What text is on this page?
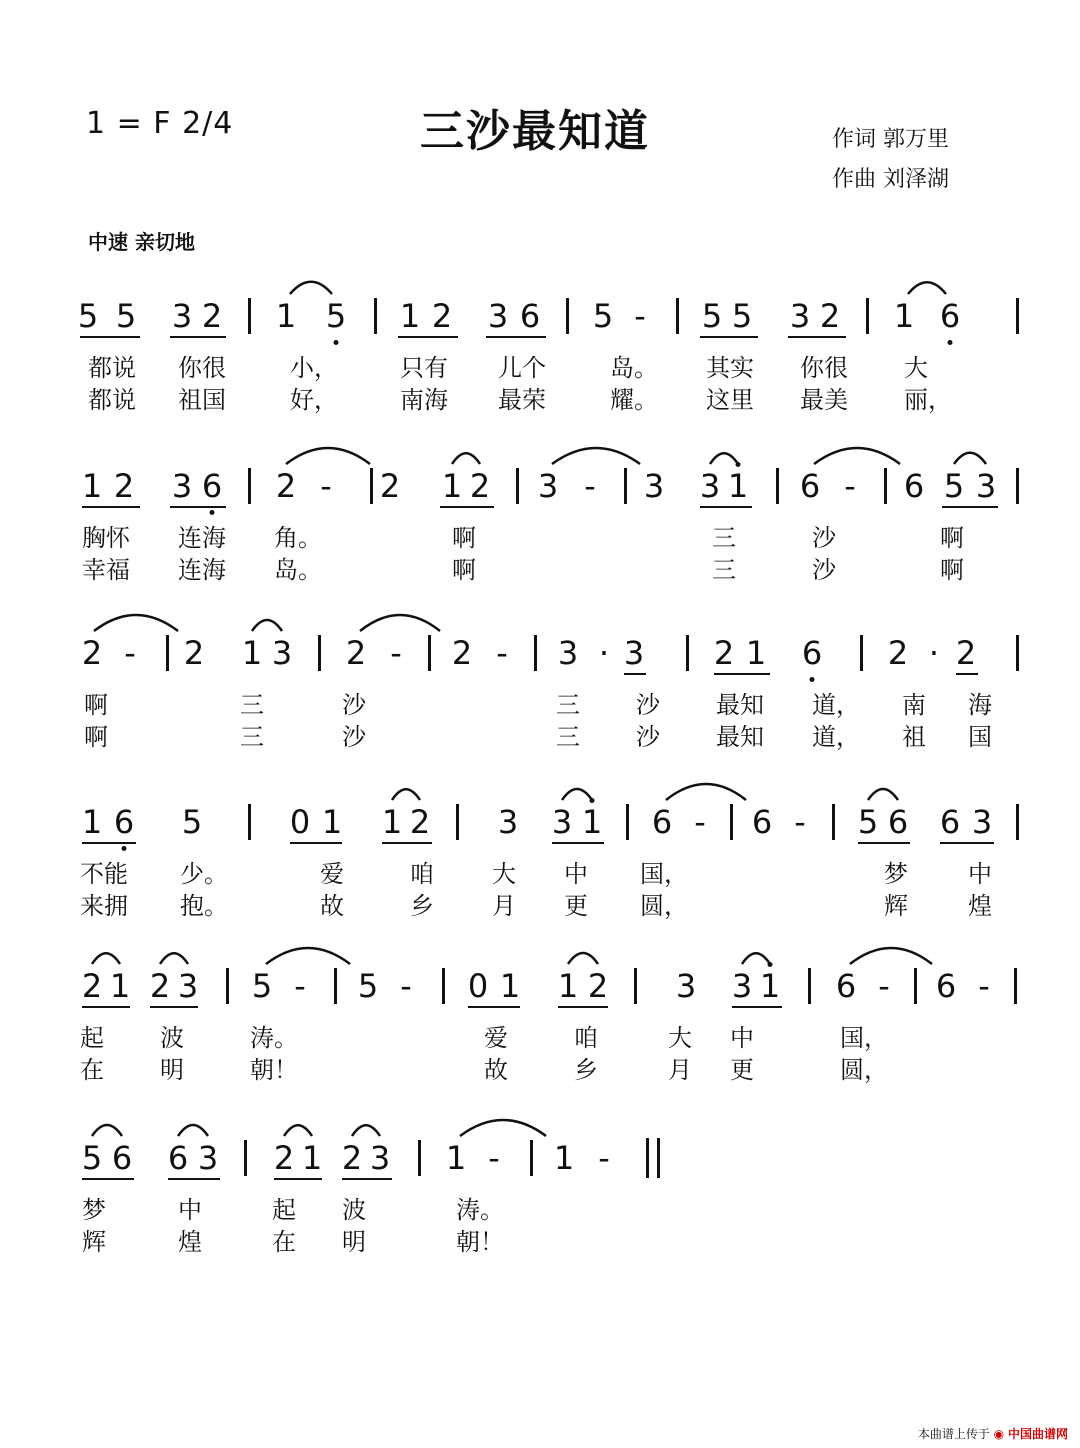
1 = F 2/4	三沙最知道	作词 郭万里
作曲 刘泽湖
中速 亲切地
5 5 3 2 1 5 1 2 3 6 5 - 5 5 3 2 1 6
都说 你很	小，	只有 儿个	岛。 其实 你很 大
都说 祖国	好，	南海 最荣	耀。 这里 最美 丽，
1 2 3 6 2 - 2 1 2 3 - 3 3 1 6 - 6 5 3
胸怀 连海 角。	啊	三	沙	啊
幸福 连海 岛。	啊	三	沙	啊
2 - 2 1 3 2 - 2 - 3 · 3 2 1 6 2 · 2
啊	三	沙	三 沙 最知 道， 南 海
啊	三	沙	三 沙 最知 道， 祖 国
1 6 5	0 1 1 2 3 3 1 6 - 6 - 5 6 6 3
不能 少。	爱	咱 大 中 国，	梦	中
来拥 抱。	故	乡 月 更 圆，	辉	煌
2 1 2 3 5 - 5 - 0 1 1 2 3 3 1 6 - 6 -
起 波	涛。	爱	咱	大 中	国，
在 明	朝！	故	乡	月 更	圆，
5 6 6 3 2 1 2 3 1 - 1 -
梦	中	起 波	涛。
辉	煌	在 明	朝！
本曲谱上传于 ◉ 中国曲谱网
